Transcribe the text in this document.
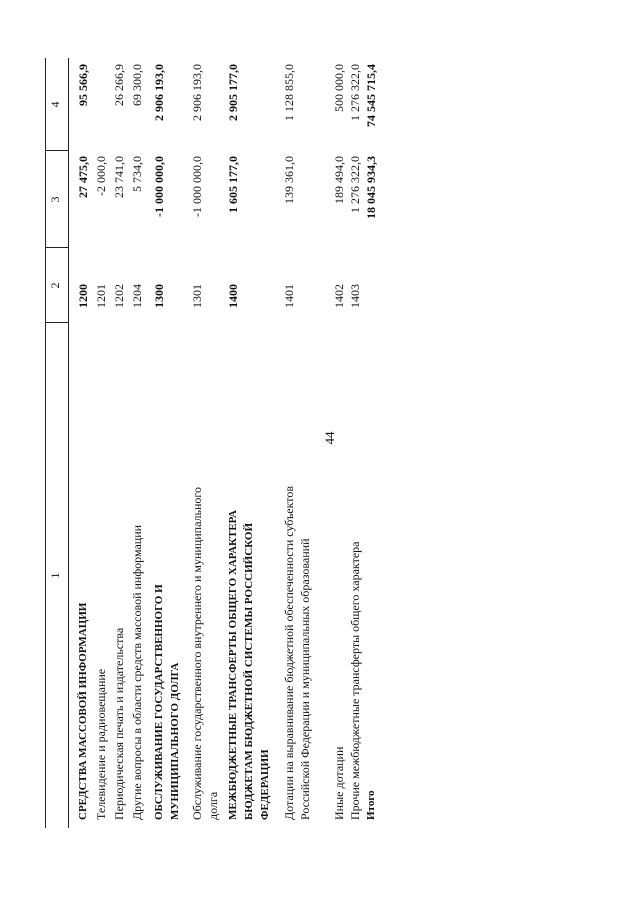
44
1
2
3
4
СРЕДСТВА МАССОВОЙ ИНФОРМАЦИИ
1200
27 475,0
95 566,9
Телевидение и радиовещание
1201
-2 000,0
Периодическая печать и издательства
1202
23 741,0
26 266,9
Другие вопросы в области средств массовой информации
1204
5 734,0
69 300,0
ОБСЛУЖИВАНИЕ ГОСУДАРСТВЕННОГО И МУНИЦИПАЛЬНОГО ДОЛГА
1300
-1 000 000,0
2 906 193,0
Обслуживание государственного внутреннего и муниципального долга
1301
-1 000 000,0
2 906 193,0
МЕЖБЮДЖЕТНЫЕ ТРАНСФЕРТЫ ОБЩЕГО ХАРАКТЕРА БЮДЖЕТАМ БЮДЖЕТНОЙ СИСТЕМЫ РОССИЙСКОЙ ФЕДЕРАЦИИ
1400
1 605 177,0
2 905 177,0
Дотации на выравнивание бюджетной обеспеченности субъектов Российской Федерации и муниципальных образований
1401
139 361,0
1 128 855,0
Иные дотации
1402
189 494,0
500 000,0
Прочие межбюджетные трансферты общего характера
1403
1 276 322,0
1 276 322,0
Итого
18 045 934,3
74 545 715,4
